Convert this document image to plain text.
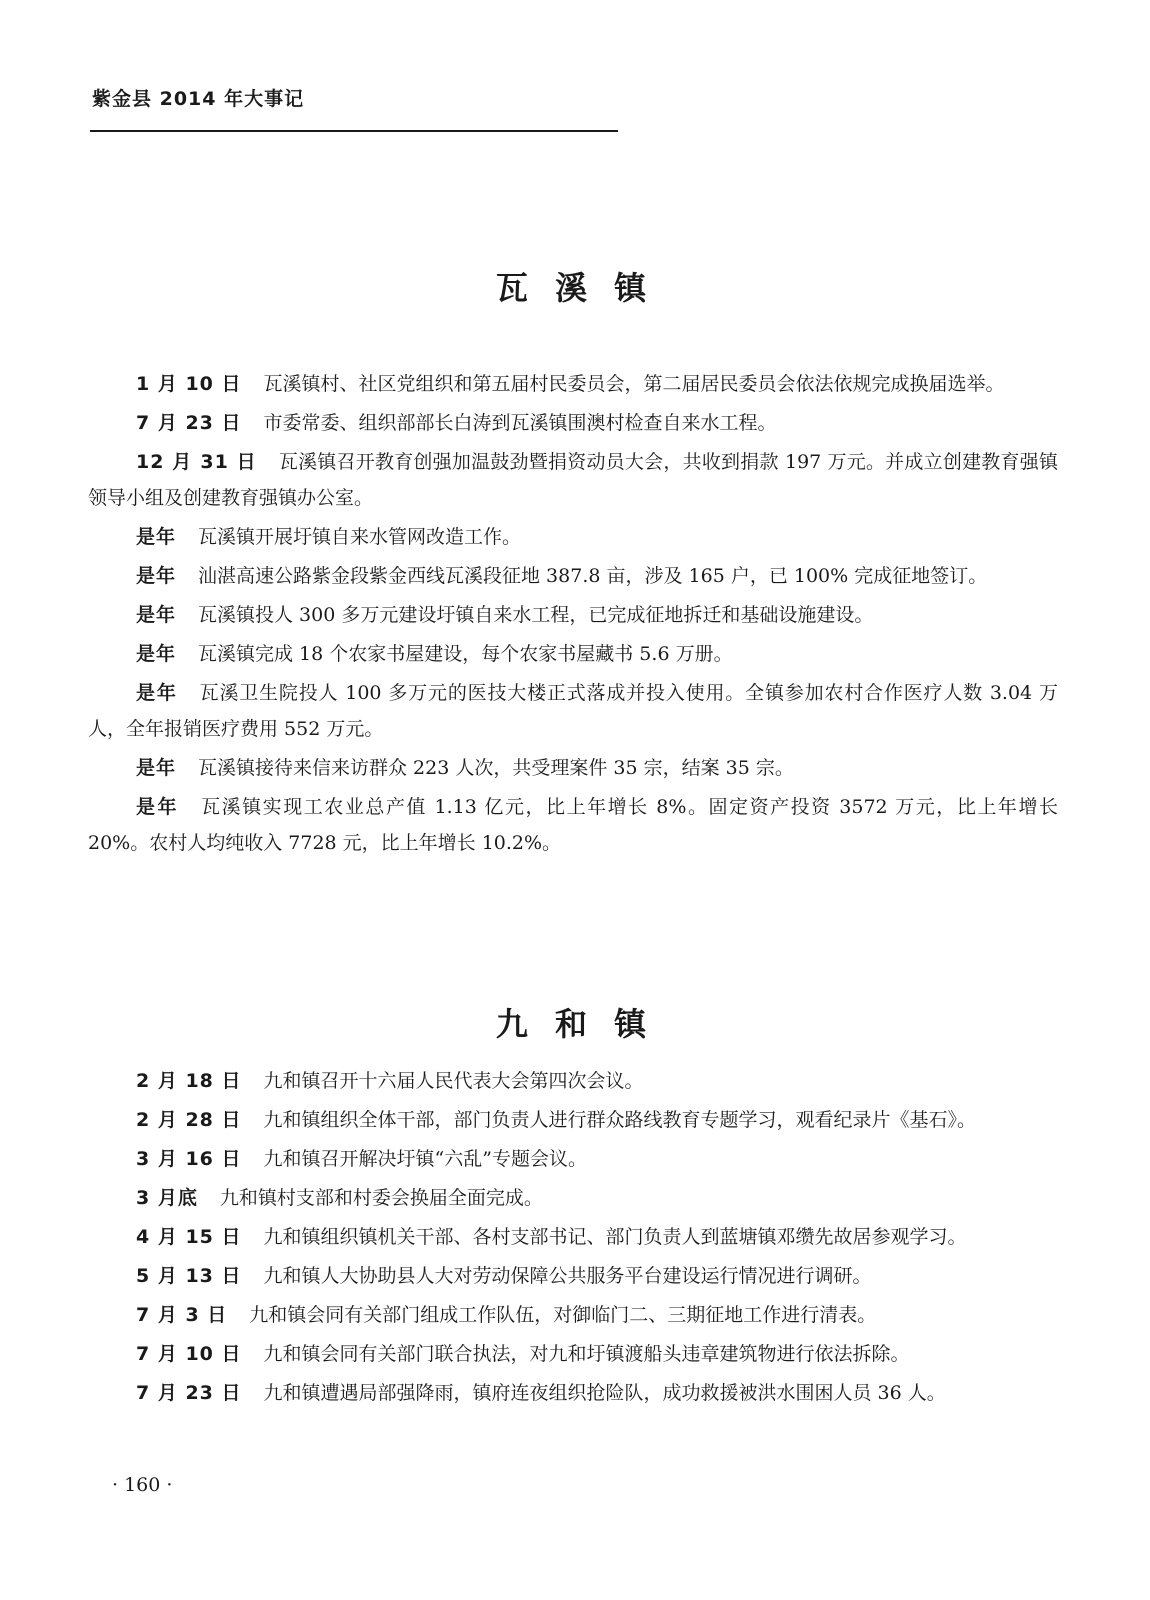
紫金县 2014 年大事记
瓦 溪 镇

1 月 10 日 瓦溪镇村、社区党组织和第五届村民委员会，第二届居民委员会依法依规完成换届选举。

7 月 23 日 市委常委、组织部部长白涛到瓦溪镇围澳村检查自来水工程。

12 月 31 日 瓦溪镇召开教育创强加温鼓劲暨捐资动员大会，共收到捐款 197 万元。并成立创建教育强镇领导小组及创建教育强镇办公室。

是年 瓦溪镇开展圩镇自来水管网改造工作。

是年 汕湛高速公路紫金段紫金西线瓦溪段征地 387.8 亩，涉及 165 户，已 100% 完成征地签订。

是年 瓦溪镇投人 300 多万元建设圩镇自来水工程，已完成征地拆迁和基础设施建设。

是年 瓦溪镇完成 18 个农家书屋建设，每个农家书屋藏书 5.6 万册。

是年 瓦溪卫生院投人 100 多万元的医技大楼正式落成并投入使用。全镇参加农村合作医疗人数 3.04 万人，全年报销医疗费用 552 万元。

是年 瓦溪镇接待来信来访群众 223 人次，共受理案件 35 宗，结案 35 宗。

是年 瓦溪镇实现工农业总产值 1.13 亿元，比上年增长 8%。固定资产投资 3572 万元，比上年增长 20%。农村人均纯收入 7728 元，比上年增长 10.2%。

九 和 镇

2 月 18 日 九和镇召开十六届人民代表大会第四次会议。

2 月 28 日 九和镇组织全体干部，部门负责人进行群众路线教育专题学习，观看纪录片《基石》。

3 月 16 日 九和镇召开解决圩镇“六乱”专题会议。

3 月底 九和镇村支部和村委会换届全面完成。

4 月 15 日 九和镇组织镇机关干部、各村支部书记、部门负责人到蓝塘镇邓缵先故居参观学习。

5 月 13 日 九和镇人大协助县人大对劳动保障公共服务平台建设运行情况进行调研。

7 月 3 日 九和镇会同有关部门组成工作队伍，对御临门二、三期征地工作进行清表。

7 月 10 日 九和镇会同有关部门联合执法，对九和圩镇渡船头违章建筑物进行依法拆除。

7 月 23 日 九和镇遭遇局部强降雨，镇府连夜组织抢险队，成功救援被洪水围困人员 36 人。

· 160 ·
